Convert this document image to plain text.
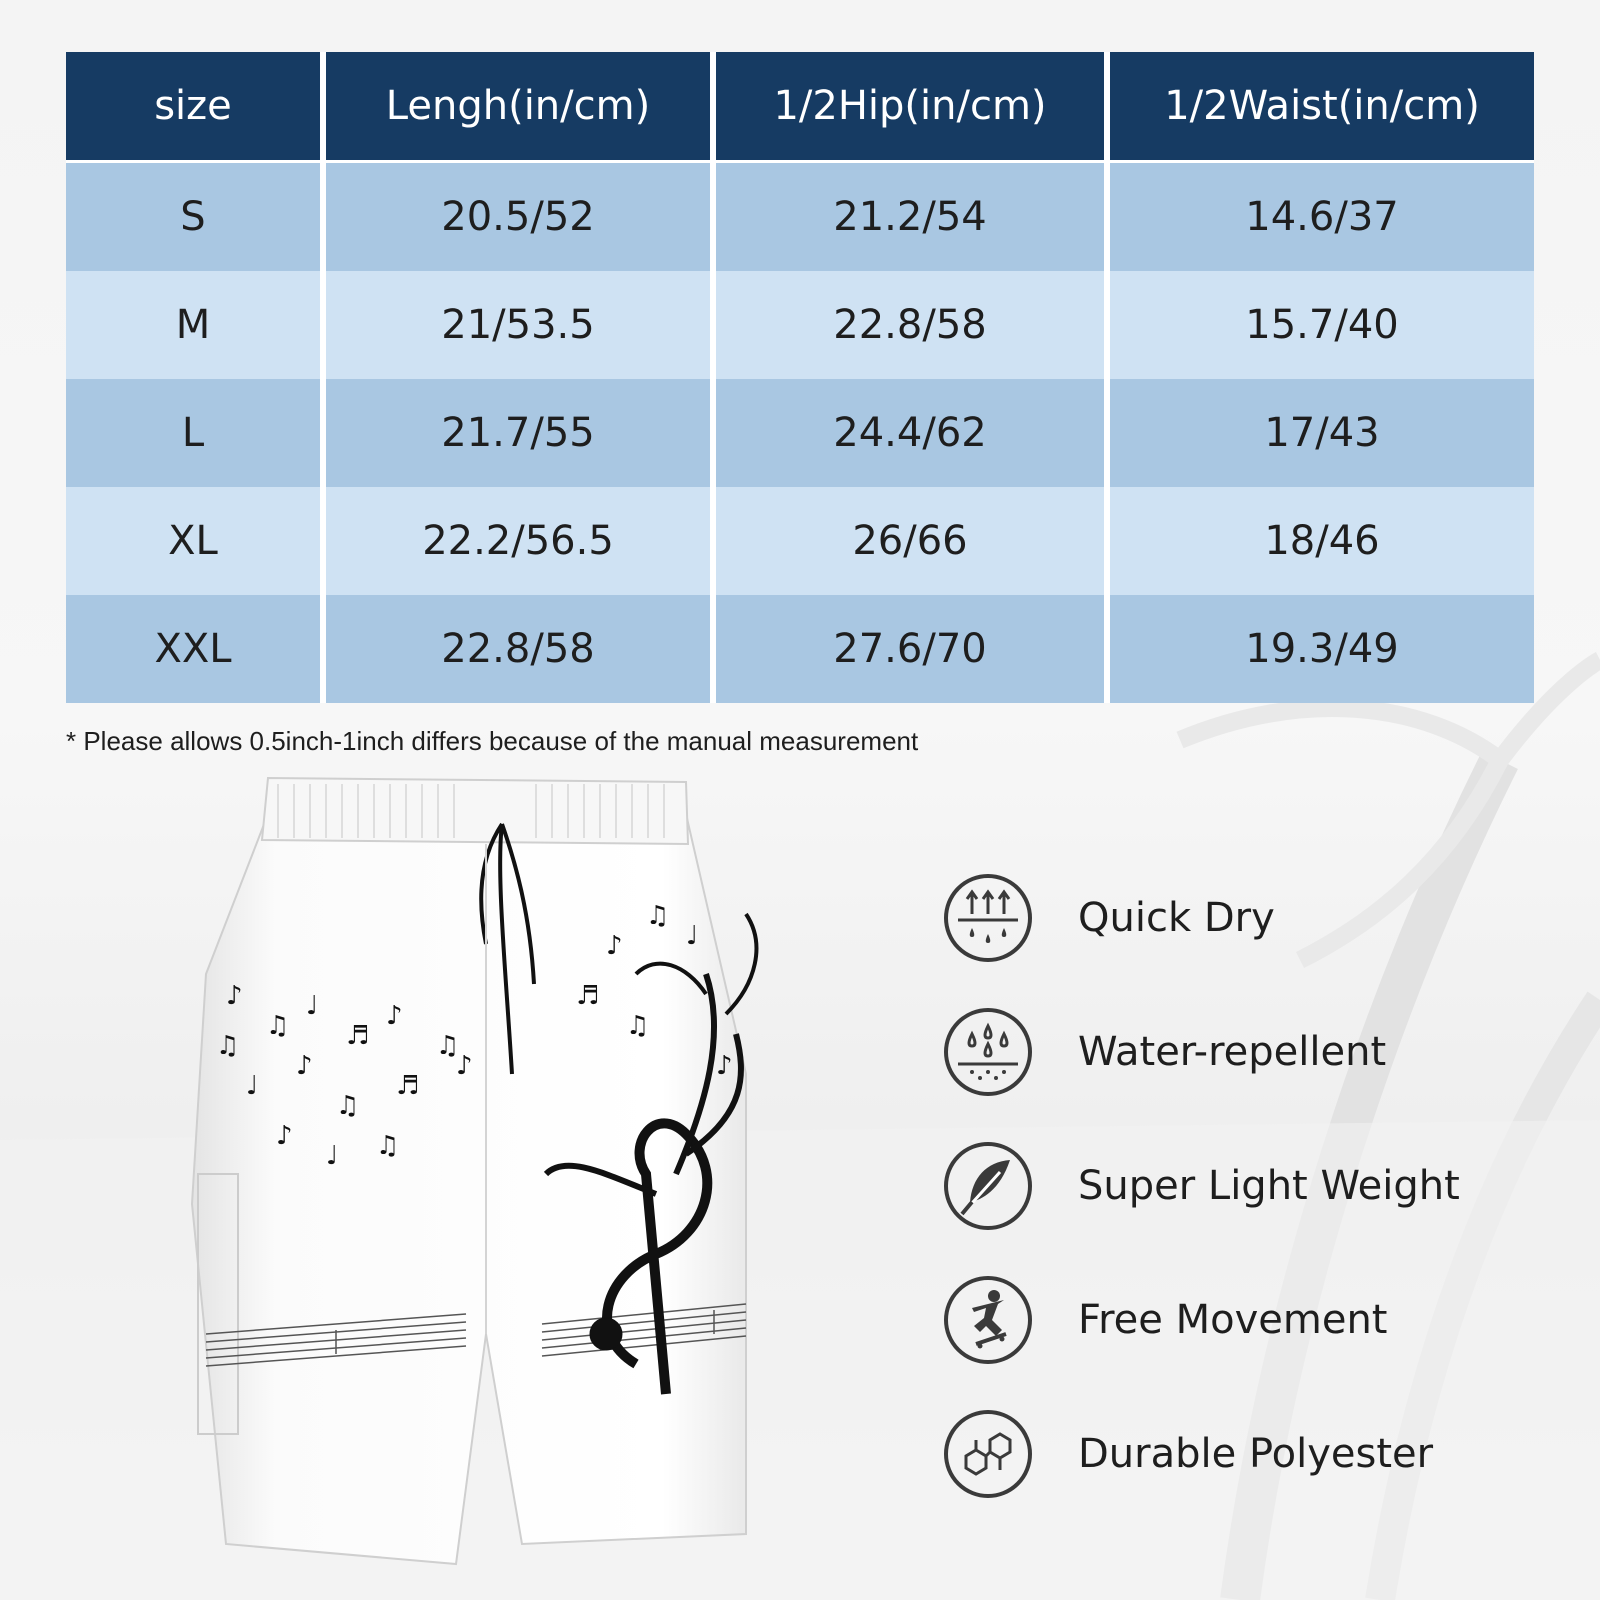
size	Lengh(in/cm)	1/2Hip(in/cm)	1/2Waist(in/cm)
S	20.5/52	21.2/54	14.6/37
M	21/53.5	22.8/58	15.7/40
L	21.7/55	24.4/62	17/43
XL	22.2/56.5	26/66	18/46
XXL	22.8/58	27.6/70	19.3/49
* Please allows 0.5inch-1inch differs because of the manual measurement
♪
♫
♩
♬
♪
♫
♩
♪
♫
♬
♪
♩
♫
♪
♫
♪
♫
♩
♬
♪
♫
Quick Dry
Water-repellent
Super Light Weight
Free Movement
Durable Polyester
